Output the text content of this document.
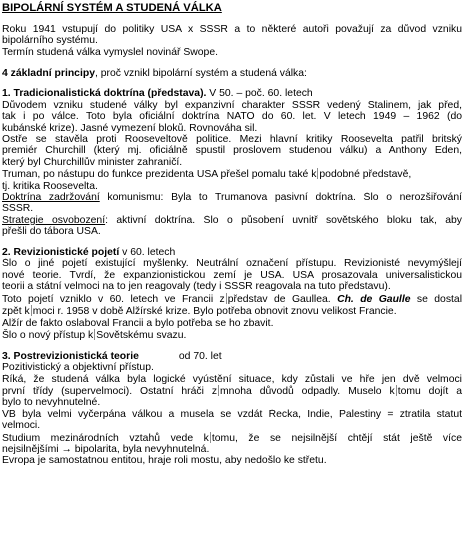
BIPOLÁRNÍ SYSTÉM A STUDENÁ VÁLKA

Roku 1941 vstupují do politiky USA x SSSR a to některé autoři považují za důvod vzniku

bipolárního systému.

Termín studená válka vymyslel novinář Swope.

4 základní principy, proč vznikl bipolární systém a studená válka:

1. Tradicionalistická doktrína (představa). V 50. – poč. 60. letech

Důvodem vzniku studené války byl expanzivní charakter SSSR vedený Stalinem, jak před,

tak i po válce. Toto byla oficiální doktrína NATO do 60. let. V letech 1949 – 1962 (do

kubánské krize). Jasné vymezení bloků. Rovnováha sil.

Ostře se stavěla proti Rooseveltově politice. Mezi hlavní kritiky Roosevelta patřil britský

premiér Churchill (který mj. oficiálně spustil proslovem studenou válku) a Anthony Eden,

který byl Churchillův minister zahraničí.

Truman, po nástupu do funkce prezidenta USA přešel pomalu také k podobné představě,

tj. kritika Roosevelta.

Doktrína zadržování komunismu: Byla to Trumanova pasivní doktrína. Šlo o nerozšiřování

SSSR.

Strategie osvobození: aktivní doktrína. Šlo o působení uvnitř sovětského bloku tak, aby

přešli do tábora USA.

2. Revizionistické pojetí v 60. letech

Šlo o jiné pojetí existující myšlenky. Neutrální označení přístupu. Revizionisté nevymýšlejí

nové teorie. Tvrdí, že expanzionistickou zemí je USA. USA prosazovala universalistickou

teorii a státní velmoci na to jen reagovaly (tedy i SSSR reagovala na tuto představu).

Toto pojetí vzniklo v 60. letech ve Francii z představ de Gaullea. Ch. de Gaulle se dostal

zpět k moci r. 1958 v době Alžírské krize. Bylo potřeba obnovit znovu velikost Francie.

Alžír de fakto oslaboval Francii a bylo potřeba se ho zbavit.

Šlo o nový přístup k Sovětskému svazu.

3. Postrevizionistická teorie	od 70. let

Pozitivistický a objektivní přístup.

Říká, že studená válka byla logické vyústění situace, kdy zůstali ve hře jen dvě velmoci

první třídy (supervelmoci). Ostatní hráči z mnoha důvodů odpadly. Muselo k tomu dojít a

bylo to nevyhnutelné.

VB byla velmi vyčerpána válkou a musela se vzdát Řecka, Indie, Palestiny = ztratila statut

velmoci.

Studium mezinárodních vztahů vede k tomu, že se nejsilnější chtějí stát ještě více

nejsilnějšími → bipolarita, byla nevyhnutelná.

Evropa je samostatnou entitou, hraje roli mostu, aby nedošlo ke střetu.
